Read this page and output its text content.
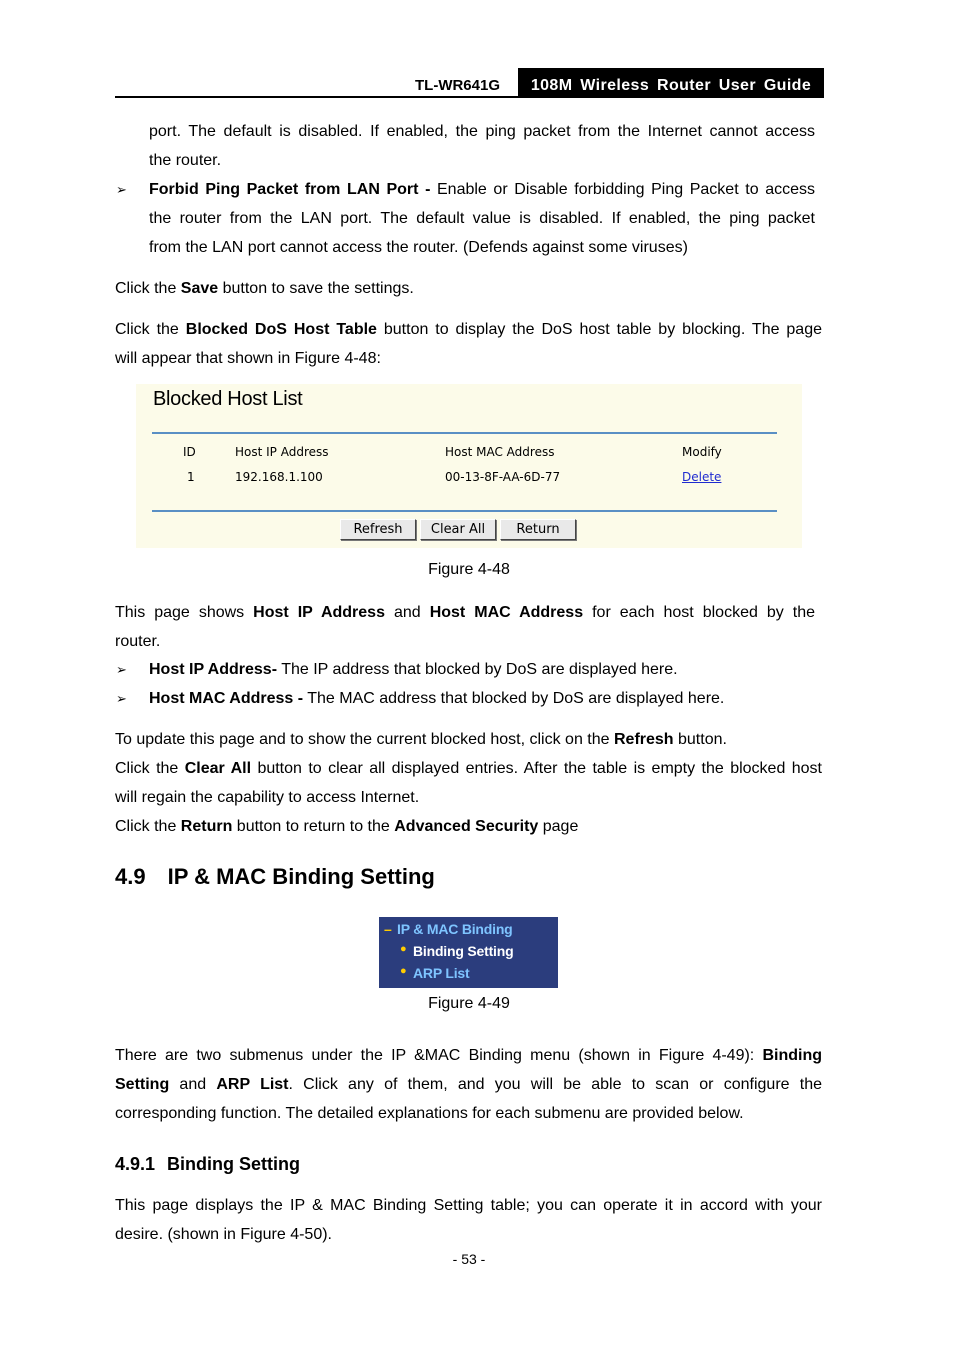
TL-WR641G	108M Wireless Router User Guide
port. The default is disabled. If enabled, the ping packet from the Internet cannot access
the router.
➢ Forbid Ping Packet from LAN Port - Enable or Disable forbidding Ping Packet to access
the router from the LAN port. The default value is disabled. If enabled, the ping packet
from the LAN port cannot access the router. (Defends against some viruses)
Click the Save button to save the settings.
Click the Blocked DoS Host Table button to display the DoS host table by blocking. The page
will appear that shown in Figure 4-48:
Blocked Host List
ID	Host IP Address	Host MAC Address	Modify
1	192.168.1.100	00-13-8F-AA-6D-77	Delete
Refresh	Clear All	Return
Figure 4-48
This page shows Host IP Address and Host MAC Address for each host blocked by the
router.
➢ Host IP Address- The IP address that blocked by DoS are displayed here.
➢ Host MAC Address - The MAC address that blocked by DoS are displayed here.
To update this page and to show the current blocked host, click on the Refresh button.
Click the Clear All button to clear all displayed entries. After the table is empty the blocked host
will regain the capability to access Internet.
Click the Return button to return to the Advanced Security page
4.9 IP & MAC Binding Setting
– IP & MAC Binding
● Binding Setting
● ARP List
Figure 4-49
There are two submenus under the IP &MAC Binding menu (shown in Figure 4-49): Binding
Setting and ARP List. Click any of them, and you will be able to scan or configure the
corresponding function. The detailed explanations for each submenu are provided below.
4.9.1 Binding Setting
This page displays the IP & MAC Binding Setting table; you can operate it in accord with your
desire. (shown in Figure 4-50).
- 53 -
